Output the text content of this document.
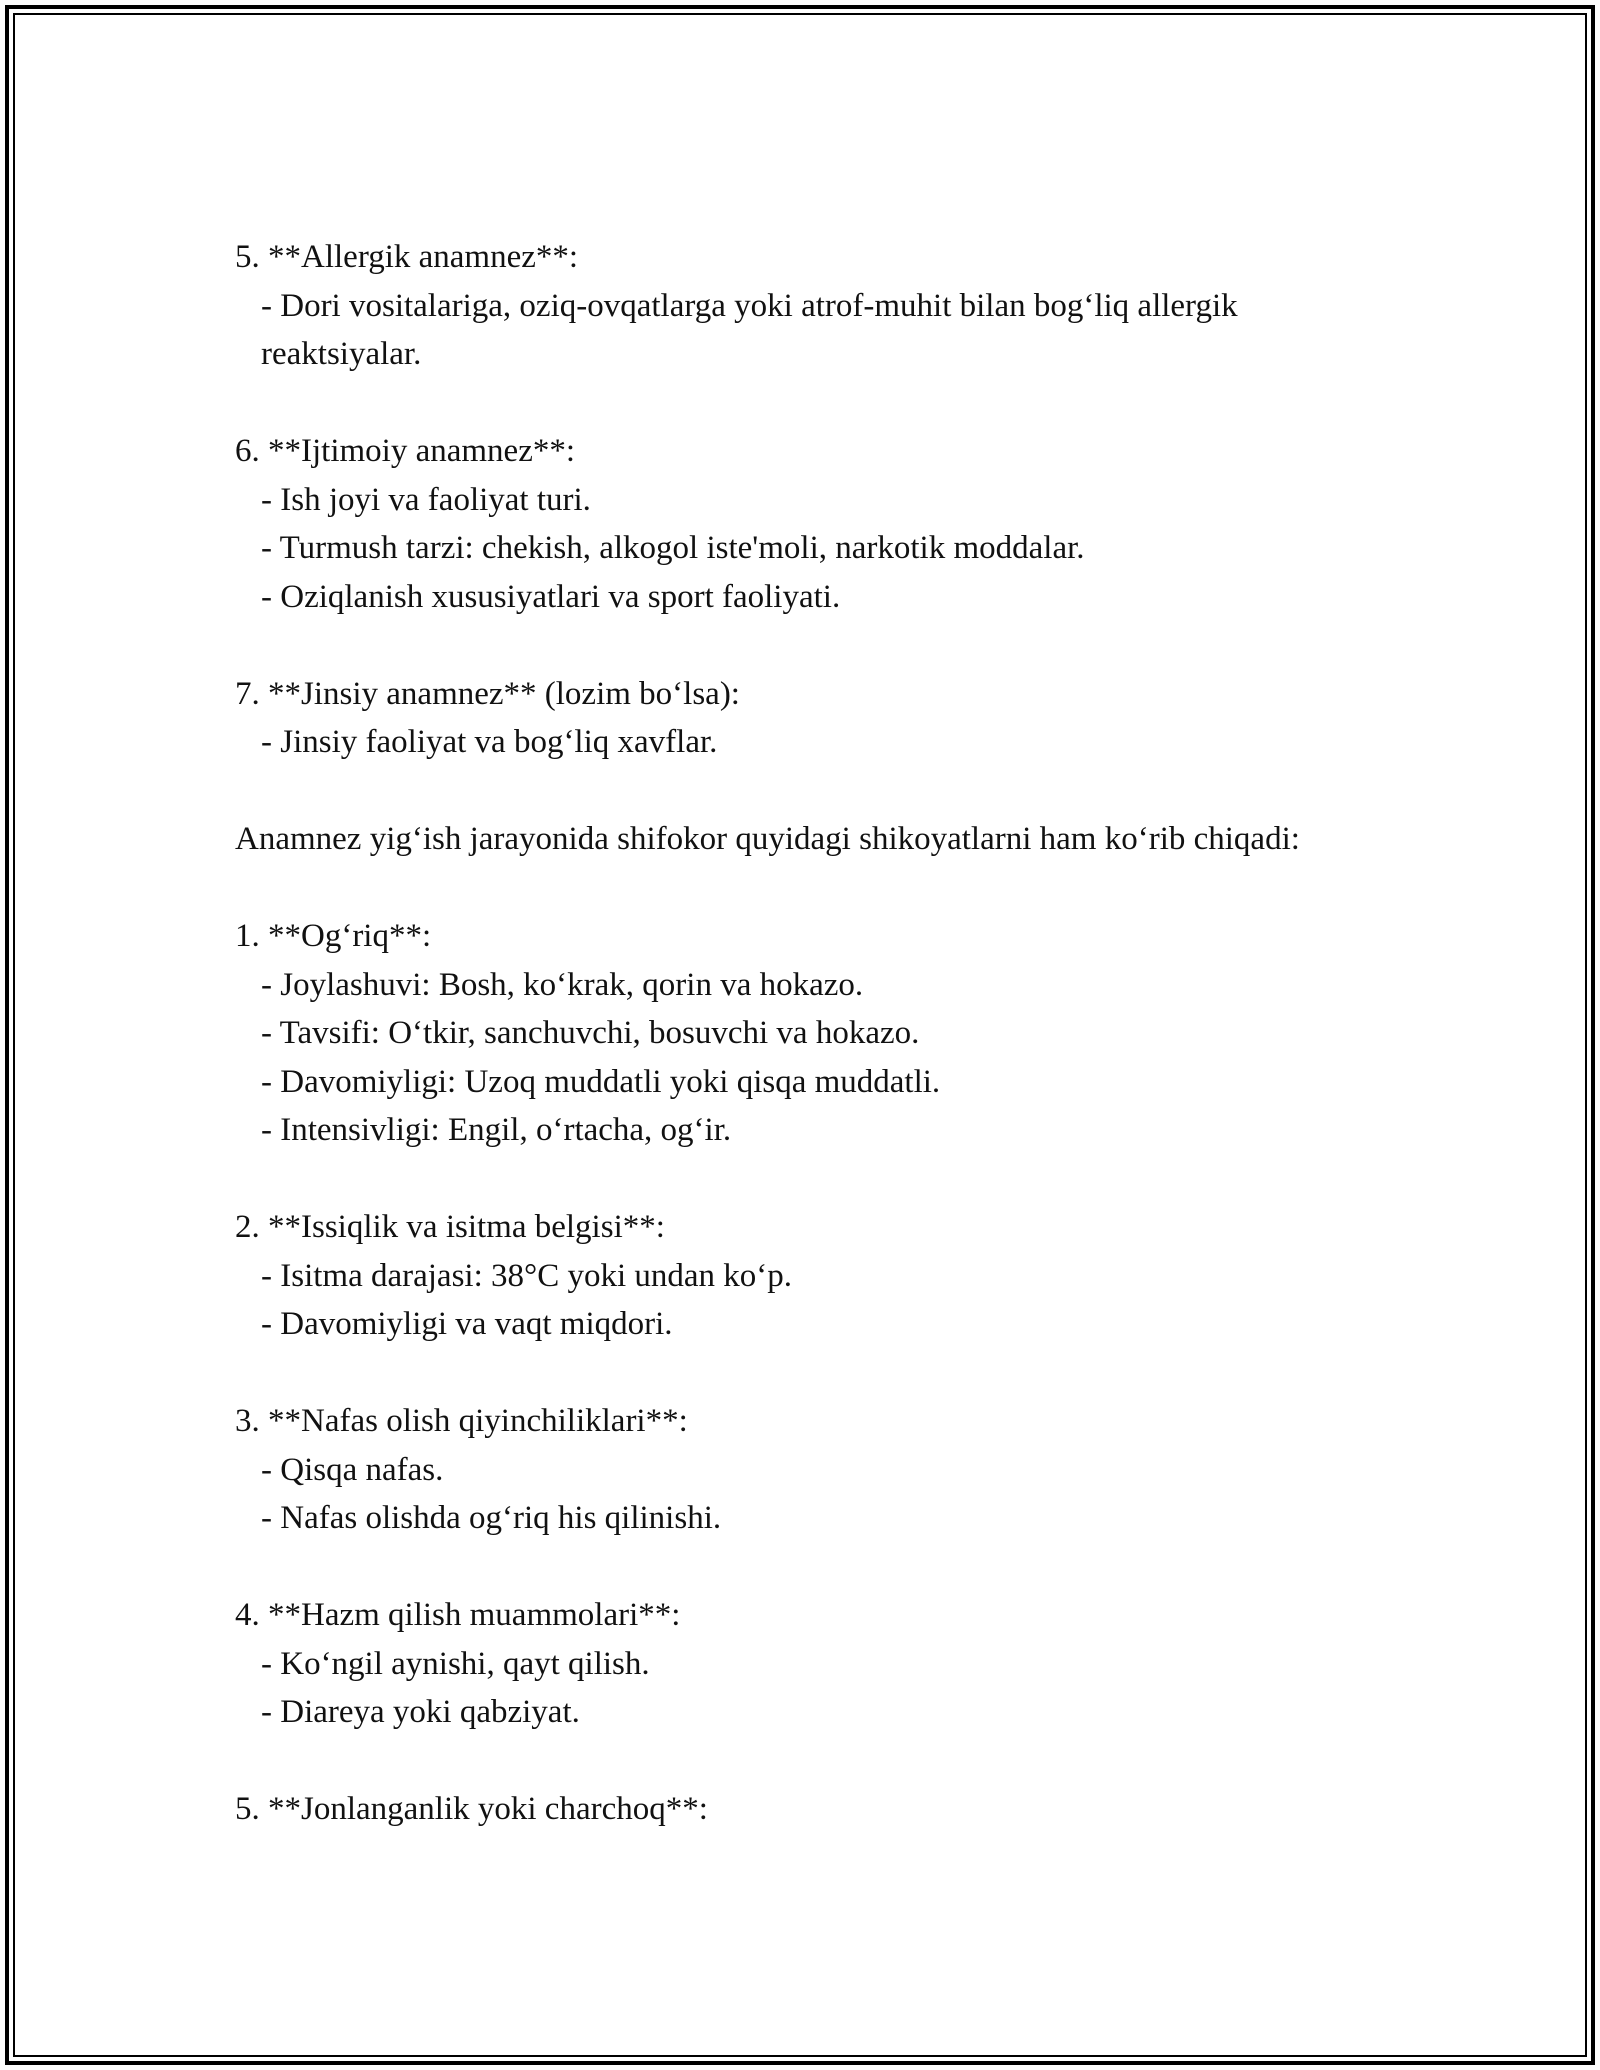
5. **Allergik anamnez**:

- Dori vositalariga, oziq-ovqatlarga yoki atrof-muhit bilan bog‘liq allergik reaktsiyalar.

6. **Ijtimoiy anamnez**:

- Ish joyi va faoliyat turi.

- Turmush tarzi: chekish, alkogol iste'moli, narkotik moddalar.

- Oziqlanish xususiyatlari va sport faoliyati.

7. **Jinsiy anamnez** (lozim bo‘lsa):

- Jinsiy faoliyat va bog‘liq xavflar.

Anamnez yig‘ish jarayonida shifokor quyidagi shikoyatlarni ham ko‘rib chiqadi:

1. **Og‘riq**:

- Joylashuvi: Bosh, ko‘krak, qorin va hokazo.

- Tavsifi: O‘tkir, sanchuvchi, bosuvchi va hokazo.

- Davomiyligi: Uzoq muddatli yoki qisqa muddatli.

- Intensivligi: Engil, o‘rtacha, og‘ir.

2. **Issiqlik va isitma belgisi**:

- Isitma darajasi: 38°C yoki undan ko‘p.

- Davomiyligi va vaqt miqdori.

3. **Nafas olish qiyinchiliklari**:

- Qisqa nafas.

- Nafas olishda og‘riq his qilinishi.

4. **Hazm qilish muammolari**:

- Ko‘ngil aynishi, qayt qilish.

- Diareya yoki qabziyat.

5. **Jonlanganlik yoki charchoq**:
